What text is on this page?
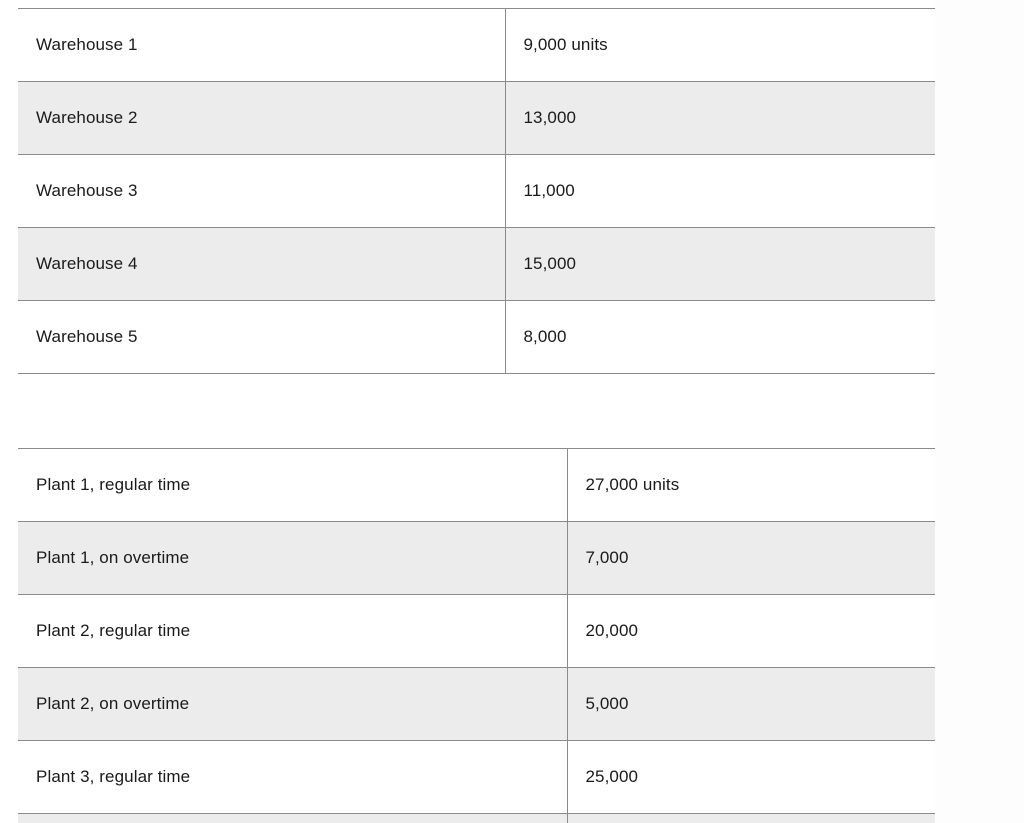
Warehouse 1	9,000 units
Warehouse 2	13,000
Warehouse 3	11,000
Warehouse 4	15,000
Warehouse 5	8,000
Plant 1, regular time	27,000 units
Plant 1, on overtime	7,000
Plant 2, regular time	20,000
Plant 2, on overtime	5,000
Plant 3, regular time	25,000
